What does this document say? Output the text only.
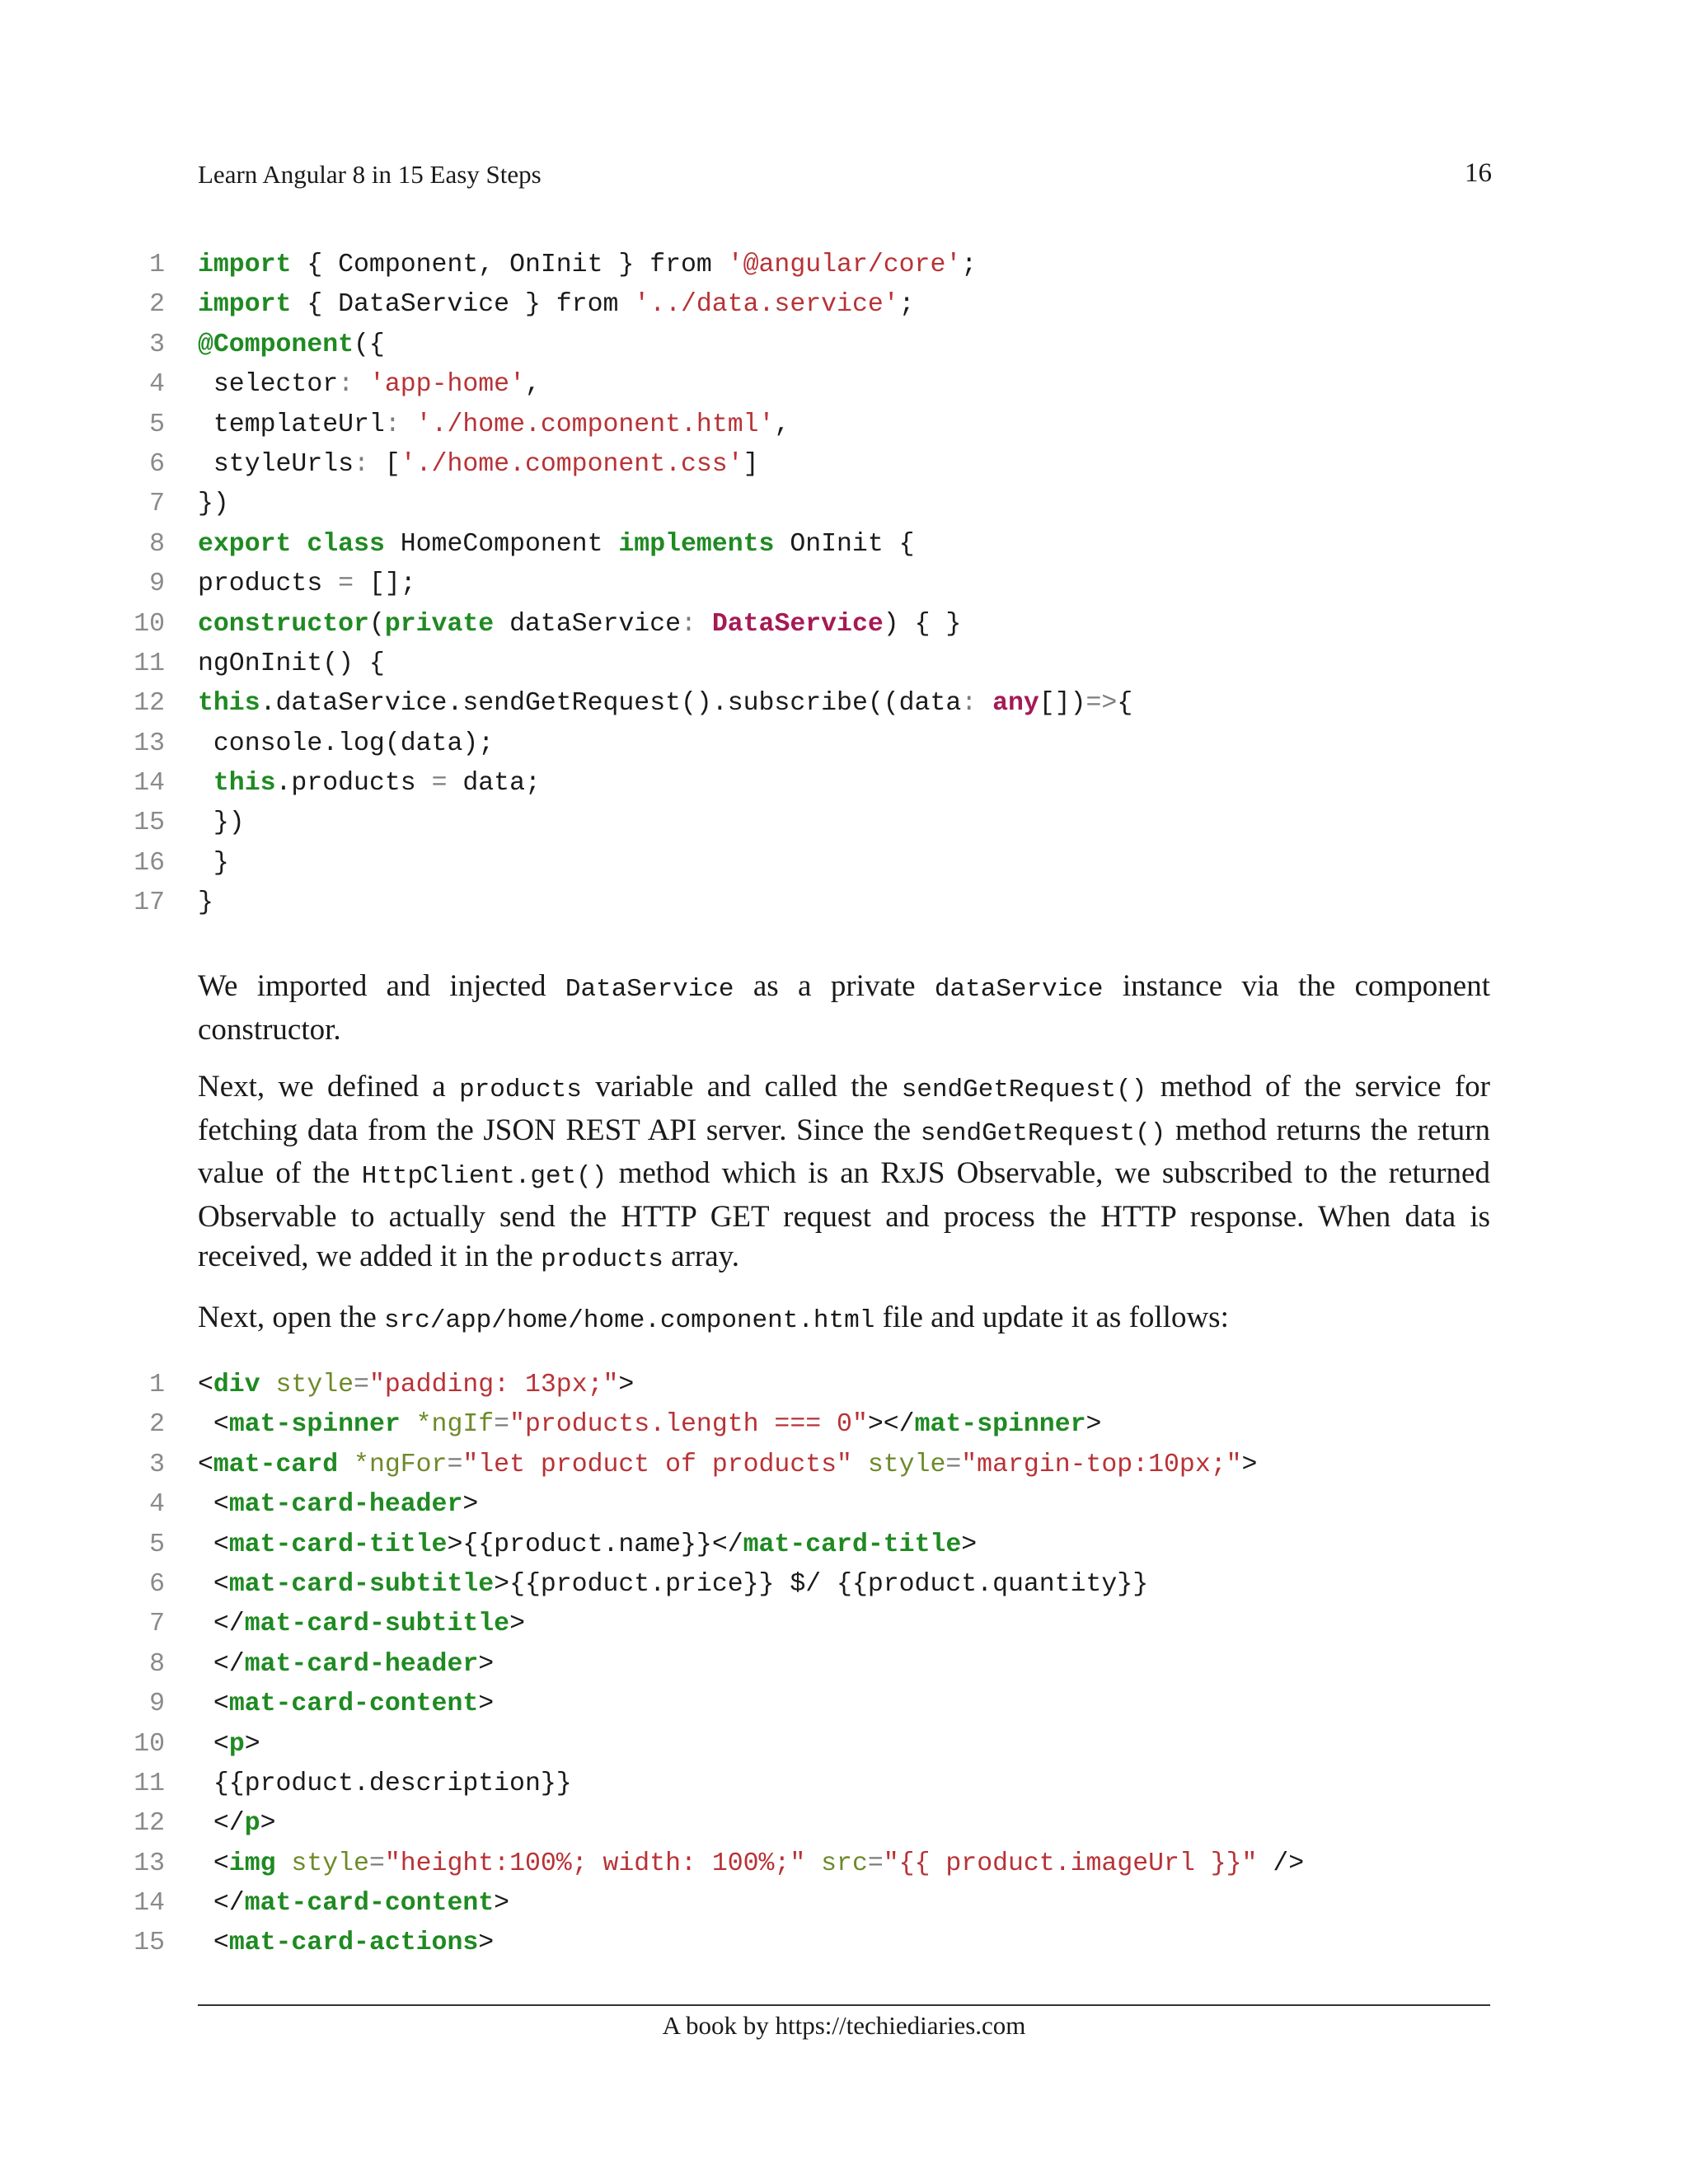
Learn Angular 8 in 15 Easy Steps	16
1 import { Component, OnInit } from '@angular/core';
2 import { DataService } from '../data.service';
3 @Component({
4 selector: 'app-home',
5 templateUrl: './home.component.html',
6 styleUrls: ['./home.component.css']
7 })
8 export class HomeComponent implements OnInit {
9 products = [];
10 constructor(private dataService: DataService) { }
11 ngOnInit() {
12 this.dataService.sendGetRequest().subscribe((data: any[])=>{
13 console.log(data);
14	this.products = data;
15 })
16 }
17 }

We imported and injected DataService as a private dataService instance via the component constructor.

Next, we defined a products variable and called the sendGetRequest() method of the service for fetching data from the JSON REST API server. Since the sendGetRequest() method returns the return value of the HttpClient.get() method which is an RxJS Observable, we subscribed to the returned Observable to actually send the HTTP GET request and process the HTTP response. When data is received, we added it in the products array.

Next, open the src/app/home/home.component.html file and update it as follows:

1 <div style="padding: 13px;">
2 <mat-spinner *ngIf="products.length === 0"></mat-spinner>
3 <mat-card *ngFor="let product of products" style="margin-top:10px;">
4 <mat-card-header>
5 <mat-card-title>{{product.name}}</mat-card-title>
6 <mat-card-subtitle>{{product.price}} $/ {{product.quantity}}
7 </mat-card-subtitle>
8 </mat-card-header>
9 <mat-card-content>
10 <p>
11 {{product.description}}
12 </p>
13 <img style="height:100%; width: 100%;" src="{{ product.imageUrl }}" />
14 </mat-card-content>
15 <mat-card-actions>
A book by https://techiediaries.com
